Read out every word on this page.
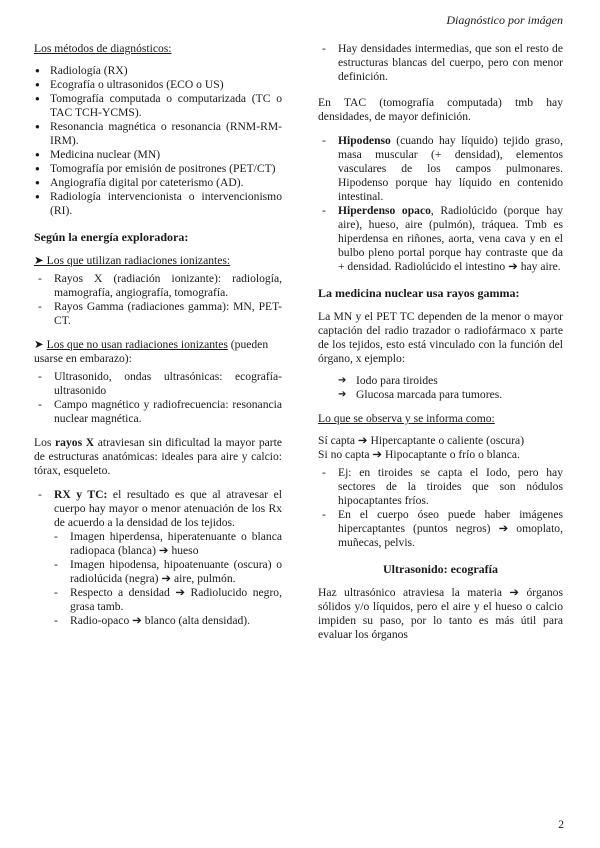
Diagnóstico por imágen

Los métodos de diagnósticos:

● Radiología (RX)

● Ecografía o ultrasonidos (ECO o US)

● Tomografía computada o computarizada (TC o TAC TCH-YCMS).

● Resonancia magnética o resonancia (RNM-RM-IRM).

● Medicina nuclear (MN)

● Tomografía por emisión de positrones (PET/CT)

● Angiografía digital por cateterismo (AD).

● Radiología intervencionista o intervencionismo (RI).

Según la energía exploradora:

➤ Los que utilizan radiaciones ionizantes:

- Rayos X (radiación ionizante): radiología, mamografía, angiografía, tomografía.

- Rayos Gamma (radiaciones gamma): MN, PET-CT.

➤ Los que no usan radiaciones ionizantes (pueden usarse en embarazo):

- Ultrasonido, ondas ultrasónicas: ecografía-ultrasonido

- Campo magnético y radiofrecuencia: resonancia nuclear magnética.

Los rayos X atraviesan sin dificultad la mayor parte de estructuras anatómicas: ideales para aire y calcio: tórax, esqueleto.

- RX y TC: el resultado es que al atravesar el cuerpo hay mayor o menor atenuación de los Rx de acuerdo a la densidad de los tejidos.

- Imagen hiperdensa, hiperatenuante o blanca radiopaca (blanca) ➔ hueso

- Imagen hipodensa, hipoatenuante (oscura) o radiolúcida (negra) ➔ aire, pulmón.

- Respecto a densidad ➔ Radiolucido negro, grasa tamb.

- Radio-opaco ➔ blanco (alta densidad).

- Hay densidades intermedias, que son el resto de estructuras blancas del cuerpo, pero con menor definición.

En TAC (tomografía computada) tmb hay densidades, de mayor definición.

- Hipodenso (cuando hay líquido) tejido graso, masa muscular (+ densidad), elementos vasculares de los campos pulmonares. Hipodenso porque hay líquido en contenido intestinal.

- Hiperdenso opaco, Radiolúcido (porque hay aire), hueso, aire (pulmón), tráquea. Tmb es hiperdensa en riñones, aorta, vena cava y en el bulbo pleno portal porque hay contraste que da + densidad. Radiolúcido el intestino ➔ hay aire.

La medicina nuclear usa rayos gamma:

La MN y el PET TC dependen de la menor o mayor captación del radio trazador o radiofármaco x parte de los tejidos, esto está vinculado con la función del órgano, x ejemplo:

➔ Iodo para tiroides

➔ Glucosa marcada para tumores.

Lo que se observa y se informa como:

Sí capta ➔ Hipercaptante o caliente (oscura)

Si no capta ➔ Hipocaptante o frío o blanca.

- Ej: en tiroides se capta el Iodo, pero hay sectores de la tiroides que son nódulos hipocaptantes fríos.

- En el cuerpo óseo puede haber imágenes hipercaptantes (puntos negros) ➔ omoplato, muñecas, pelvis.

Ultrasonido: ecografía

Haz ultrasónico atraviesa la materia ➔ órganos sólidos y/o líquidos, pero el aire y el hueso o calcio impiden su paso, por lo tanto es más útil para evaluar los órganos

2
